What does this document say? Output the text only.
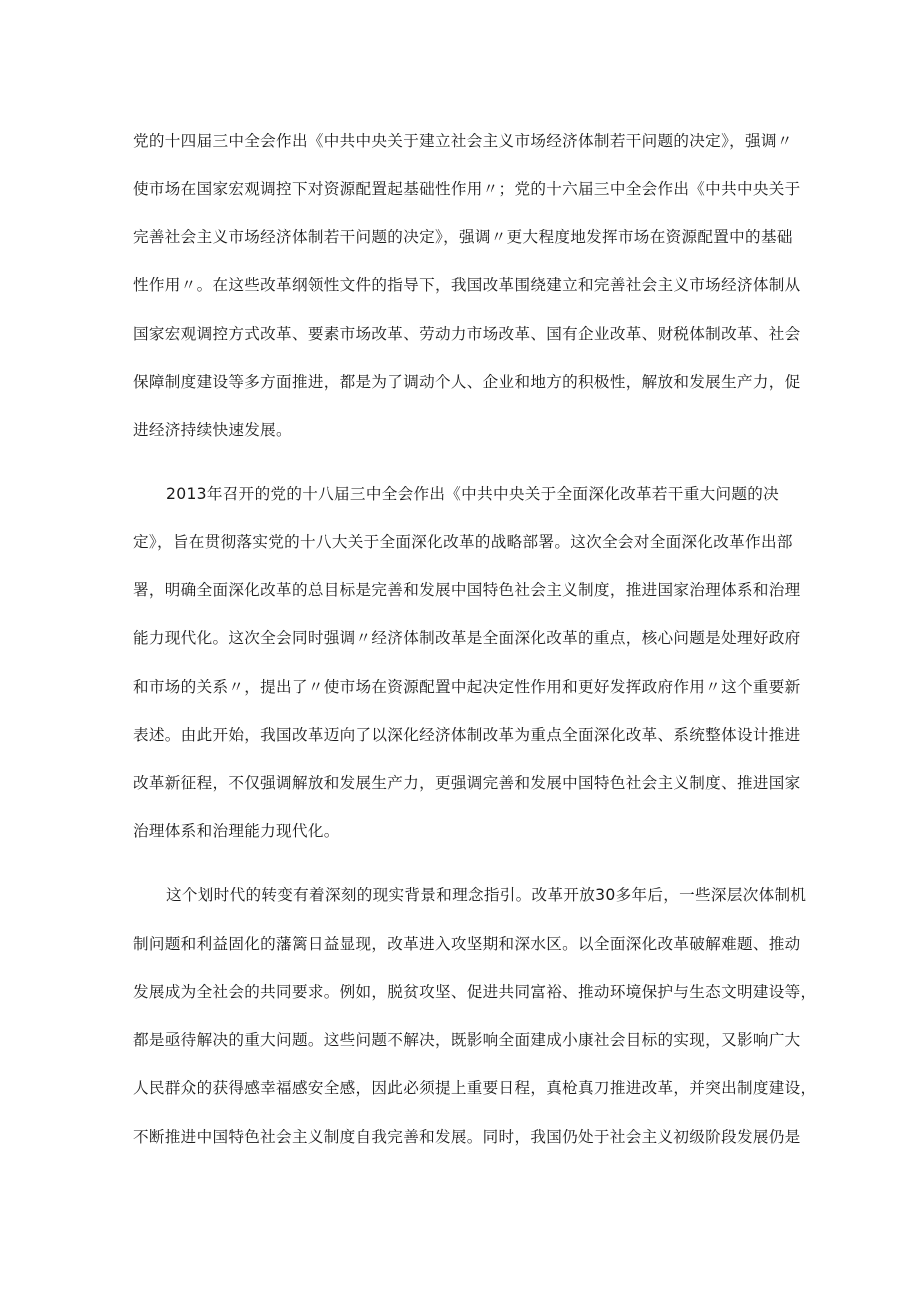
党的十四届三中全会作出《中共中央关于建立社会主义市场经济体制若干问题的决定》，强调〃
使市场在国家宏观调控下对资源配置起基础性作用〃；党的十六届三中全会作出《中共中央关于
完善社会主义市场经济体制若干问题的决定》，强调〃更大程度地发挥市场在资源配置中的基础
性作用〃。在这些改革纲领性文件的指导下，我国改革围绕建立和完善社会主义市场经济体制从
国家宏观调控方式改革、要素市场改革、劳动力市场改革、国有企业改革、财税体制改革、社会
保障制度建设等多方面推进，都是为了调动个人、企业和地方的积极性，解放和发展生产力，促
进经济持续快速发展。
2013年召开的党的十八届三中全会作出《中共中央关于全面深化改革若干重大问题的决
定》，旨在贯彻落实党的十八大关于全面深化改革的战略部署。这次全会对全面深化改革作出部
署，明确全面深化改革的总目标是完善和发展中国特色社会主义制度，推进国家治理体系和治理
能力现代化。这次全会同时强调〃经济体制改革是全面深化改革的重点，核心问题是处理好政府
和市场的关系〃，提出了〃使市场在资源配置中起决定性作用和更好发挥政府作用〃这个重要新
表述。由此开始，我国改革迈向了以深化经济体制改革为重点全面深化改革、系统整体设计推进
改革新征程，不仅强调解放和发展生产力，更强调完善和发展中国特色社会主义制度、推进国家
治理体系和治理能力现代化。
这个划时代的转变有着深刻的现实背景和理念指引。改革开放30多年后，一些深层次体制机
制问题和利益固化的藩篱日益显现，改革进入攻坚期和深水区。以全面深化改革破解难题、推动
发展成为全社会的共同要求。例如，脱贫攻坚、促进共同富裕、推动环境保护与生态文明建设等，
都是亟待解决的重大问题。这些问题不解决，既影响全面建成小康社会目标的实现，又影响广大
人民群众的获得感幸福感安全感，因此必须提上重要日程，真枪真刀推进改革，并突出制度建设，
不断推进中国特色社会主义制度自我完善和发展。同时，我国仍处于社会主义初级阶段发展仍是
